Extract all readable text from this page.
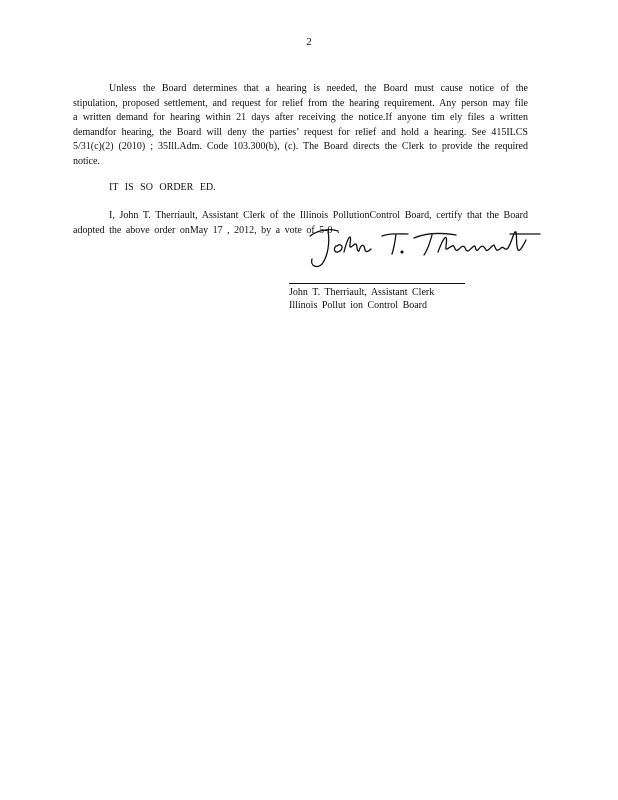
2

Unless the Board determines that a hearing is needed, the Board must cause notice of the stipulation, proposed settlement, and request for relief from the hearing requirement. Any person may file a written demand for hearing within 21 days after receiving the notice.If anyone tim ely files a written demandfor hearing, the Board will deny the parties’ request for relief and hold a hearing. See 415ILCS 5/31(c)(2) (2010) ; 35Ill.Adm. Code 103.300(b), (c). The Board directs the Clerk to provide the required notice.

IT IS SO ORDER ED.

I, John T. Therriault, Assistant Clerk of the Illinois PollutionControl Board, certify that the Board adopted the above order onMay 17 , 2012, by a vote of 5-0 .

John T. Therriault, Assistant Clerk
Illinois Pollut ion Control Board
